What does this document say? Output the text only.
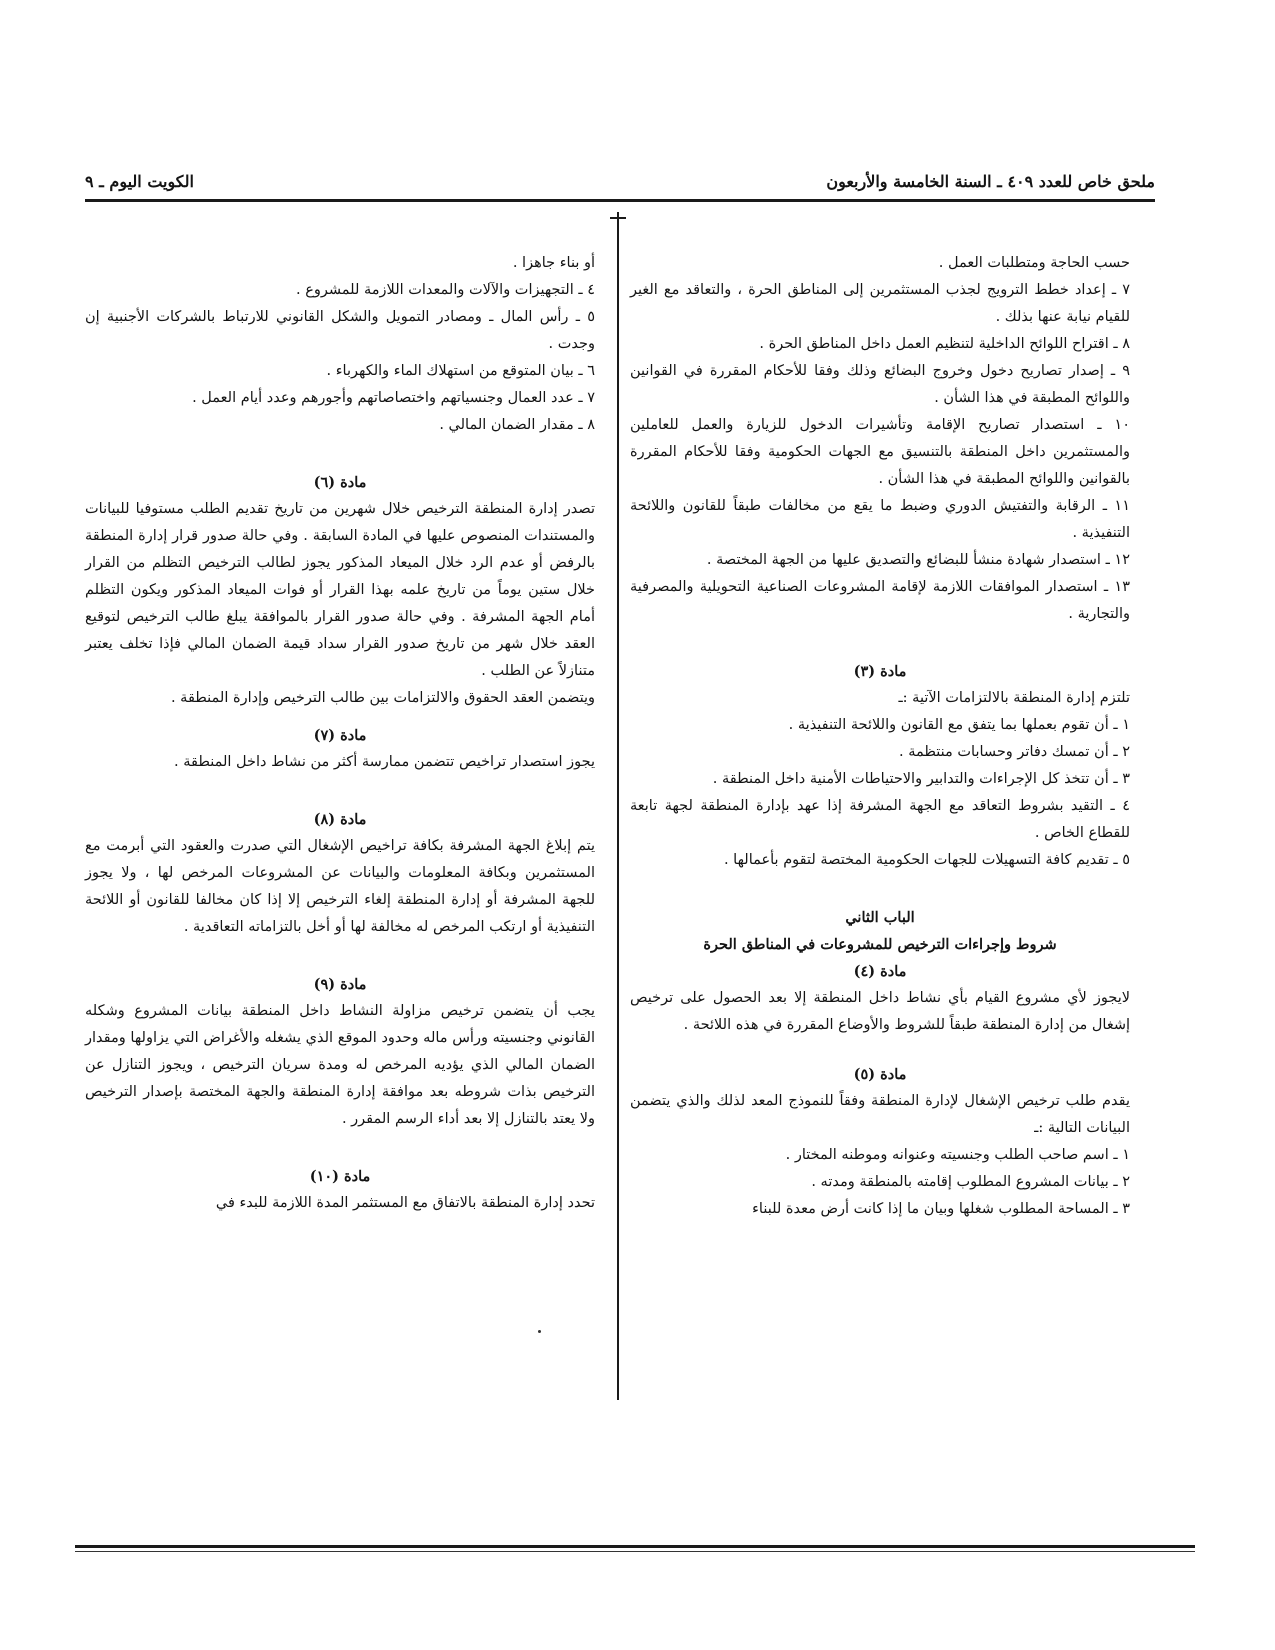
ملحق خاص للعدد ٤٠٩ ـ السنة الخامسة والأربعون
الكويت اليوم ـ ٩

حسب الحاجة ومتطلبات العمل .

٧ ـ إعداد خطط الترويج لجذب المستثمرين إلى المناطق الحرة ، والتعاقد مع الغير للقيام نيابة عنها بذلك .

٨ ـ اقتراح اللوائح الداخلية لتنظيم العمل داخل المناطق الحرة .

٩ ـ إصدار تصاريح دخول وخروج البضائع وذلك وفقا للأحكام المقررة في القوانين واللوائح المطبقة في هذا الشأن .

١٠ ـ استصدار تصاريح الإقامة وتأشيرات الدخول للزيارة والعمل للعاملين والمستثمرين داخل المنطقة بالتنسيق مع الجهات الحكومية وفقا للأحكام المقررة بالقوانين واللوائح المطبقة في هذا الشأن .

١١ ـ الرقابة والتفتيش الدوري وضبط ما يقع من مخالفات طبقاً للقانون واللائحة التنفيذية .

١٢ ـ استصدار شهادة منشأ للبضائع والتصديق عليها من الجهة المختصة .

١٣ ـ استصدار الموافقات اللازمة لإقامة المشروعات الصناعية التحويلية والمصرفية والتجارية .

مادة (٣)

تلتزم إدارة المنطقة بالالتزامات الآتية :ـ

١ ـ أن تقوم بعملها بما يتفق مع القانون واللائحة التنفيذية .

٢ ـ أن تمسك دفاتر وحسابات منتظمة .

٣ ـ أن تتخذ كل الإجراءات والتدابير والاحتياطات الأمنية داخل المنطقة .

٤ ـ التقيد بشروط التعاقد مع الجهة المشرفة إذا عهد بإدارة المنطقة لجهة تابعة للقطاع الخاص .

٥ ـ تقديم كافة التسهيلات للجهات الحكومية المختصة لتقوم بأعمالها .

الباب الثاني

شروط وإجراءات الترخيص للمشروعات في المناطق الحرة

مادة (٤)

لايجوز لأي مشروع القيام بأي نشاط داخل المنطقة إلا بعد الحصول على ترخيص إشغال من إدارة المنطقة طبقاً للشروط والأوضاع المقررة في هذه اللائحة .

مادة (٥)

يقدم طلب ترخيص الإشغال لإدارة المنطقة وفقاً للنموذج المعد لذلك والذي يتضمن البيانات التالية :ـ

١ ـ اسم صاحب الطلب وجنسيته وعنوانه وموطنه المختار .

٢ ـ بيانات المشروع المطلوب إقامته بالمنطقة ومدته .

٣ ـ المساحة المطلوب شغلها وبيان ما إذا كانت أرض معدة للبناء

أو بناء جاهزا .

٤ ـ التجهيزات والآلات والمعدات اللازمة للمشروع .

٥ ـ رأس المال ـ ومصادر التمويل والشكل القانوني للارتباط بالشركات الأجنبية إن وجدت .

٦ ـ بيان المتوقع من استهلاك الماء والكهرباء .

٧ ـ عدد العمال وجنسياتهم واختصاصاتهم وأجورهم وعدد أيام العمل .

٨ ـ مقدار الضمان المالي .

مادة (٦)

تصدر إدارة المنطقة الترخيص خلال شهرين من تاريخ تقديم الطلب مستوفيا للبيانات والمستندات المنصوص عليها في المادة السابقة . وفي حالة صدور قرار إدارة المنطقة بالرفض أو عدم الرد خلال الميعاد المذكور يجوز لطالب الترخيص التظلم من القرار خلال ستين يوماً من تاريخ علمه بهذا القرار أو فوات الميعاد المذكور ويكون التظلم أمام الجهة المشرفة . وفي حالة صدور القرار بالموافقة يبلغ طالب الترخيص لتوقيع العقد خلال شهر من تاريخ صدور القرار سداد قيمة الضمان المالي فإذا تخلف يعتبر متنازلاً عن الطلب .

ويتضمن العقد الحقوق والالتزامات بين طالب الترخيص وإدارة المنطقة .

مادة (٧)

يجوز استصدار تراخيص تتضمن ممارسة أكثر من نشاط داخل المنطقة .

مادة (٨)

يتم إبلاغ الجهة المشرفة بكافة تراخيص الإشغال التي صدرت والعقود التي أبرمت مع المستثمرين وبكافة المعلومات والبيانات عن المشروعات المرخص لها ، ولا يجوز للجهة المشرفة أو إدارة المنطقة إلغاء الترخيص إلا إذا كان مخالفا للقانون أو اللائحة التنفيذية أو ارتكب المرخص له مخالفة لها أو أخل بالتزاماته التعاقدية .

مادة (٩)

يجب أن يتضمن ترخيص مزاولة النشاط داخل المنطقة بيانات المشروع وشكله القانوني وجنسيته ورأس ماله وحدود الموقع الذي يشغله والأغراض التي يزاولها ومقدار الضمان المالي الذي يؤديه المرخص له ومدة سريان الترخيص ، ويجوز التنازل عن الترخيص بذات شروطه بعد موافقة إدارة المنطقة والجهة المختصة بإصدار الترخيص ولا يعتد بالتنازل إلا بعد أداء الرسم المقرر .

مادة (١٠)

تحدد إدارة المنطقة بالاتفاق مع المستثمر المدة اللازمة للبدء في
